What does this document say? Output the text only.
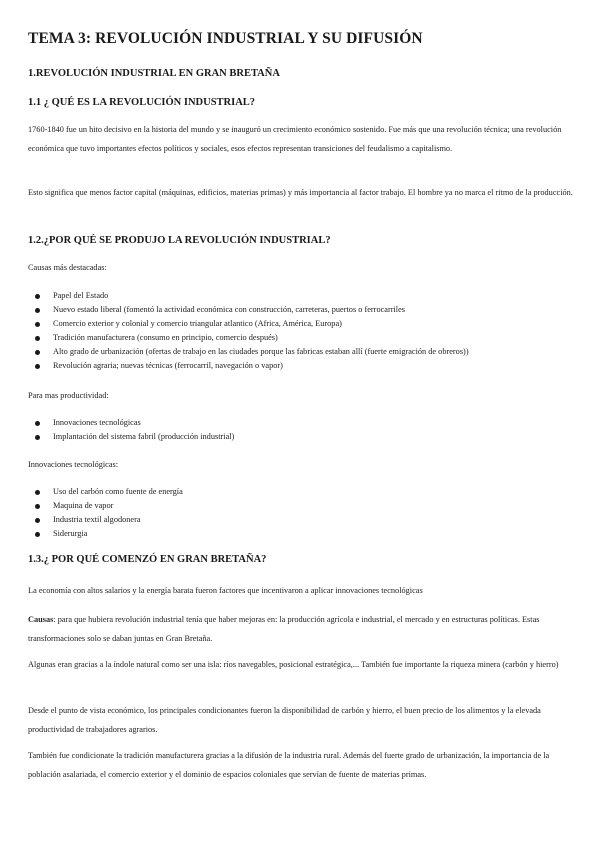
TEMA 3: REVOLUCIÓN INDUSTRIAL Y SU DIFUSIÓN
1.REVOLUCIÓN INDUSTRIAL EN GRAN BRETAÑA
1.1 ¿ QUÉ ES LA REVOLUCIÓN INDUSTRIAL?
1760-1840 fue un hito decisivo en la historia del mundo y se inauguró un crecimiento económico sostenido. Fue más que una revolución técnica; una revolución económica que tuvo importantes efectos políticos y sociales, esos efectos representan transiciones del feudalismo a capitalismo.
Esto significa que menos factor capital (máquinas, edificios, materias primas) y más importancia al factor trabajo. El hombre ya no marca el ritmo de la producción.
1.2.¿POR QUÉ SE PRODUJO LA REVOLUCIÓN INDUSTRIAL?
Causas más destacadas:
Papel del Estado
Nuevo estado liberal (fomentó la actividad económica con construcción, carreteras, puertos o ferrocarriles
Comercio exterior y colonial y comercio triangular atlantico (Africa, América, Europa)
Tradición manufacturera (consumo en principio, comercio después)
Alto grado de urbanización (ofertas de trabajo en las ciudades porque las fabricas estaban allí (fuerte emigración de obreros))
Revolución agraria; nuevas técnicas (ferrocarril, navegación o vapor)
Para mas productividad:
Innovaciones tecnológicas
Implantación del sistema fabril (producción industrial)
Innovaciones tecnológicas:
Uso del carbón como fuente de energía
Maquina de vapor
Industria textil algodonera
Siderurgia
1.3.¿ POR QUÉ COMENZÓ EN GRAN BRETAÑA?
La economía con altos salarios y la energía barata fueron factores que incentivaron a aplicar innovaciones tecnológicas
Causas: para que hubiera revolución industrial tenía que haber mejoras en: la producción agrícola e industrial, el mercado y en estructuras políticas. Estas transformaciones solo se daban juntas en Gran Bretaña.
Algunas eran gracias a la índole natural como ser una isla: ríos navegables, posicional estratégica,... También fue importante la riqueza minera (carbón y hierro)
Desde el punto de vista económico, los principales condicionantes fueron la disponibilidad de carbón y hierro, el buen precio de los alimentos y la elevada productividad de trabajadores agrarios.
También fue condicionate la tradición manufacturera gracias a la difusión de la industria rural. Además del fuerte grado de urbanización, la importancia de la población asalariada, el comercio exterior y el dominio de espacios coloniales que servían de fuente de materias primas.
